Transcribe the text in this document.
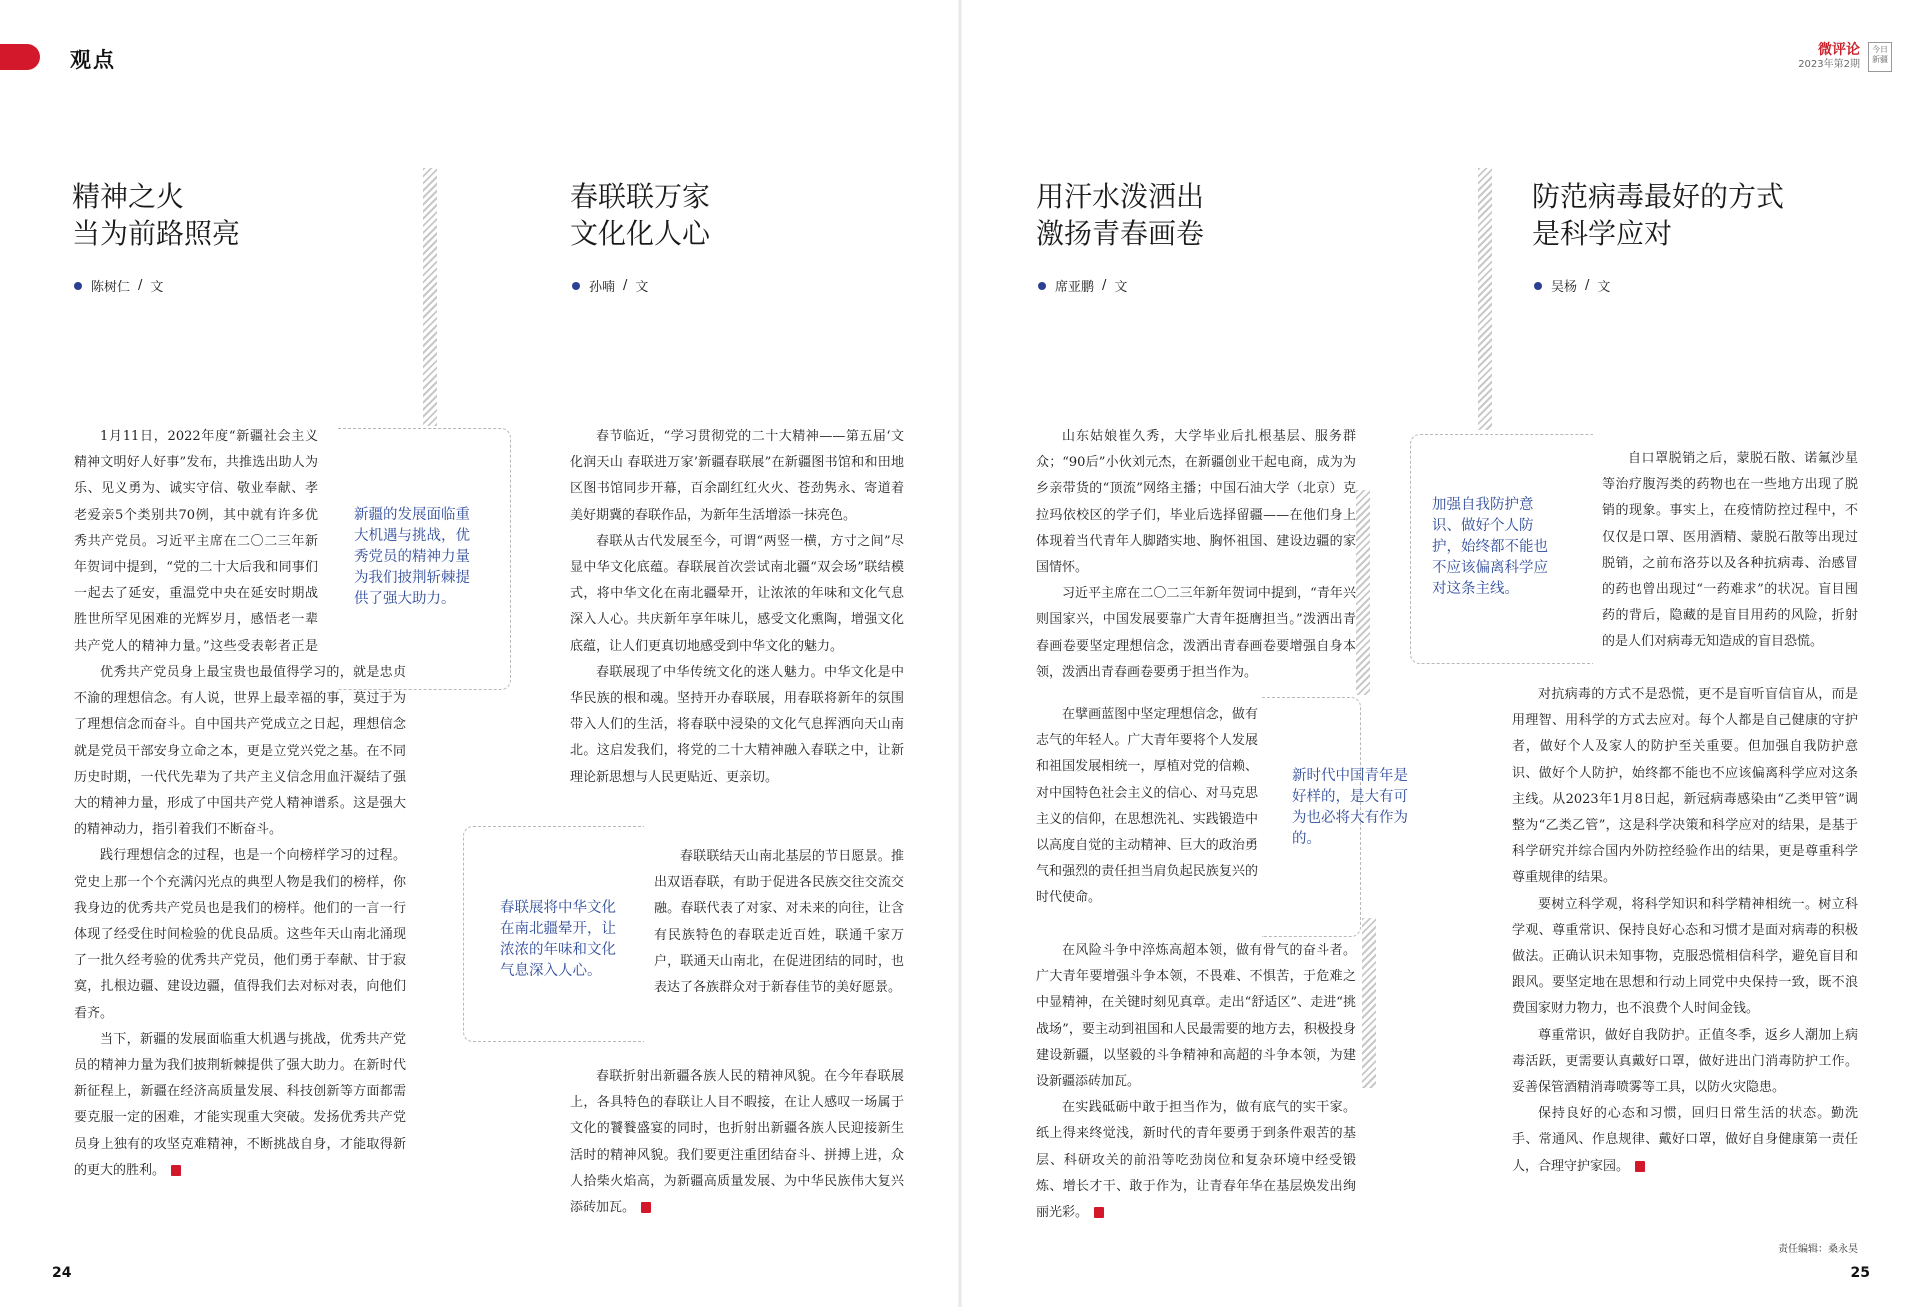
观点	微评论
2023年第2期
今日新疆
精神之火
当为前路照亮
陈树仁 / 文
新疆的发展面临重大机遇与挑战，优秀党员的精神力量为我们披荆斩棘提供了强大助力。

1月11日，2022年度“新疆社会主义精神文明好人好事”发布，共推选出助人为乐、见义勇为、诚实守信、敬业奉献、孝老爱亲5个类别共70例，其中就有许多优秀共产党员。习近平主席在二〇二三年新年贺词中提到，“党的二十大后我和同事们一起去了延安，重温党中央在延安时期战胜世所罕见困难的光辉岁月，感悟老一辈共产党人的精神力量。”这些受表彰者正是

优秀共产党员身上最宝贵也最值得学习的，就是忠贞不渝的理想信念。有人说，世界上最幸福的事，莫过于为了理想信念而奋斗。自中国共产党成立之日起，理想信念就是党员干部安身立命之本，更是立党兴党之基。在不同历史时期，一代代先辈为了共产主义信念用血汗凝结了强大的精神力量，形成了中国共产党人精神谱系。这是强大的精神动力，指引着我们不断奋斗。

践行理想信念的过程，也是一个向榜样学习的过程。党史上那一个个充满闪光点的典型人物是我们的榜样，你我身边的优秀共产党员也是我们的榜样。他们的一言一行体现了经受住时间检验的优良品质。这些年天山南北涌现了一批久经考验的优秀共产党员，他们勇于奉献、甘于寂寞，扎根边疆、建设边疆，值得我们去对标对表，向他们看齐。

当下，新疆的发展面临重大机遇与挑战，优秀共产党员的精神力量为我们披荆斩棘提供了强大助力。在新时代新征程上，新疆在经济高质量发展、科技创新等方面都需要克服一定的困难，才能实现重大突破。发扬优秀共产党员身上独有的攻坚克难精神，不断挑战自身，才能取得新的更大的胜利。

春联联万家
文化化人心
孙喃 / 文
春联展将中华文化在南北疆晕开，让浓浓的年味和文化气息深入人心。

春节临近，“学习贯彻党的二十大精神——第五届‘文化润天山 春联进万家’新疆春联展”在新疆图书馆和和田地区图书馆同步开幕，百余副红红火火、苍劲隽永、寄道着美好期冀的春联作品，为新年生活增添一抹亮色。

春联从古代发展至今，可谓“两竖一横，方寸之间”尽显中华文化底蕴。春联展首次尝试南北疆“双会场”联结模式，将中华文化在南北疆晕开，让浓浓的年味和文化气息深入人心。共庆新年享年味儿，感受文化熏陶，增强文化底蕴，让人们更真切地感受到中华文化的魅力。

春联展现了中华传统文化的迷人魅力。中华文化是中华民族的根和魂。坚持开办春联展，用春联将新年的氛围带入人们的生活，将春联中浸染的文化气息挥洒向天山南北。这启发我们，将党的二十大精神融入春联之中，让新理论新思想与人民更贴近、更亲切。

春联联结天山南北基层的节日愿景。推出双语春联，有助于促进各民族交往交流交融。春联代表了对家、对未来的向往，让含有民族特色的春联走近百姓，联通千家万户，联通天山南北，在促进团结的同时，也表达了各族群众对于新春佳节的美好愿景。

春联折射出新疆各族人民的精神风貌。在今年春联展上，各具特色的春联让人目不暇接，在让人感叹一场属于文化的饕餮盛宴的同时，也折射出新疆各族人民迎接新生活时的精神风貌。我们要更注重团结奋斗、拼搏上进，众人拾柴火焰高，为新疆高质量发展、为中华民族伟大复兴添砖加瓦。

用汗水泼洒出
激扬青春画卷
席亚鹏 / 文
新时代中国青年是好样的，是大有可为也必将大有作为的。

山东姑娘崔久秀，大学毕业后扎根基层、服务群众；“90后”小伙刘元杰，在新疆创业干起电商，成为为乡亲带货的“顶流”网络主播；中国石油大学（北京）克拉玛依校区的学子们，毕业后选择留疆——在他们身上体现着当代青年人脚踏实地、胸怀祖国、建设边疆的家国情怀。

习近平主席在二〇二三年新年贺词中提到，“青年兴则国家兴，中国发展要靠广大青年挺膺担当。”泼洒出青春画卷要坚定理想信念，泼洒出青春画卷要增强自身本领，泼洒出青春画卷要勇于担当作为。

在擘画蓝图中坚定理想信念，做有志气的年轻人。广大青年要将个人发展和祖国发展相统一，厚植对党的信赖、对中国特色社会主义的信心、对马克思主义的信仰，在思想洗礼、实践锻造中以高度自觉的主动精神、巨大的政治勇气和强烈的责任担当肩负起民族复兴的时代使命。

在风险斗争中淬炼高超本领，做有骨气的奋斗者。广大青年要增强斗争本领，不畏难、不惧苦，于危难之中显精神，在关键时刻见真章。走出“舒适区”、走进“挑战场”，要主动到祖国和人民最需要的地方去，积极投身建设新疆，以坚毅的斗争精神和高超的斗争本领，为建设新疆添砖加瓦。

在实践砥砺中敢于担当作为，做有底气的实干家。纸上得来终觉浅，新时代的青年要勇于到条件艰苦的基层、科研攻关的前沿等吃劲岗位和复杂环境中经受锻炼、增长才干、敢于作为，让青春年华在基层焕发出绚丽光彩。

防范病毒最好的方式
是科学应对
吴杨 / 文
加强自我防护意识、做好个人防护，始终都不能也不应该偏离科学应对这条主线。

自口罩脱销之后，蒙脱石散、诺氟沙星等治疗腹泻类的药物也在一些地方出现了脱销的现象。事实上，在疫情防控过程中，不仅仅是口罩、医用酒精、蒙脱石散等出现过脱销，之前布洛芬以及各种抗病毒、治感冒的药也曾出现过“一药难求”的状况。盲目囤药的背后，隐藏的是盲目用药的风险，折射的是人们对病毒无知造成的盲目恐慌。

对抗病毒的方式不是恐慌，更不是盲听盲信盲从，而是用理智、用科学的方式去应对。每个人都是自己健康的守护者，做好个人及家人的防护至关重要。但加强自我防护意识、做好个人防护，始终都不能也不应该偏离科学应对这条主线。从2023年1月8日起，新冠病毒感染由“乙类甲管”调整为“乙类乙管”，这是科学决策和科学应对的结果，是基于科学研究并综合国内外防控经验作出的结果，更是尊重科学尊重规律的结果。

要树立科学观，将科学知识和科学精神相统一。树立科学观、尊重常识、保持良好心态和习惯才是面对病毒的积极做法。正确认识未知事物，克服恐慌相信科学，避免盲目和跟风。要坚定地在思想和行动上同党中央保持一致，既不浪费国家财力物力，也不浪费个人时间金钱。

尊重常识，做好自我防护。正值冬季，返乡人潮加上病毒活跃，更需要认真戴好口罩，做好进出门消毒防护工作。妥善保管酒精消毒喷雾等工具，以防火灾隐患。

保持良好的心态和习惯，回归日常生活的状态。勤洗手、常通风、作息规律、戴好口罩，做好自身健康第一责任人，合理守护家园。

24	25
责任编辑：桑永昊
